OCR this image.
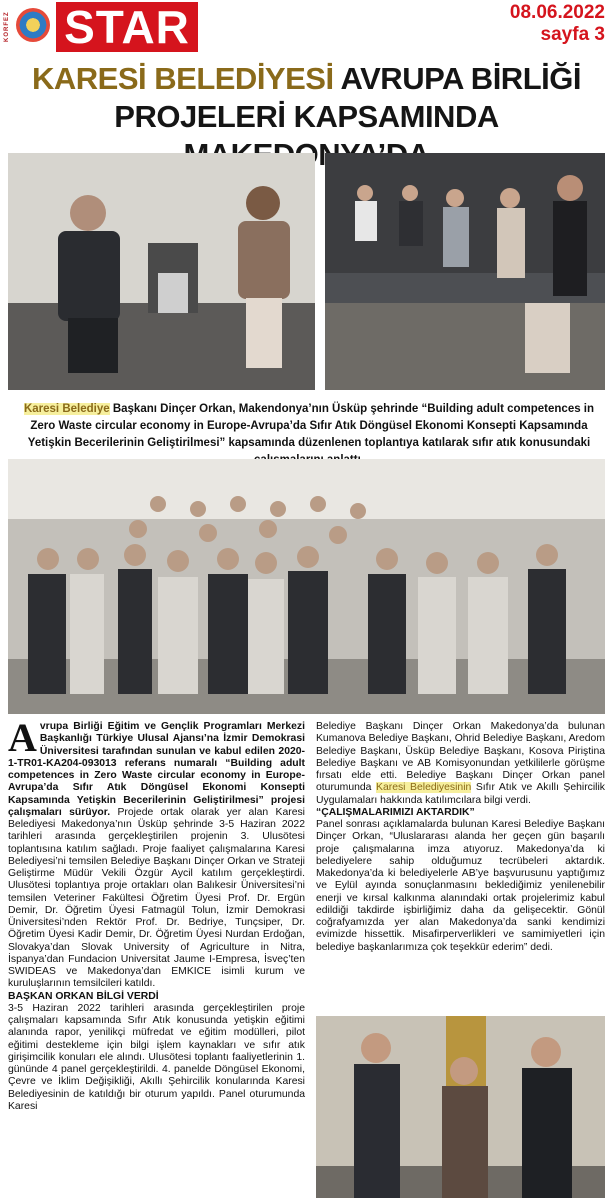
KÖRFEZ STAR	08.06.2022
sayfa 3
KARESİ BELEDİYESİ AVRUPA BİRLİĞİ
PROJELERİ KAPSAMINDA
Karesi Belediye Başkanı Dinçer Orkan, Makendonya’nın Üsküp şehrinde “Building adult competences in Zero Waste circular economy in Europe-Avrupa’da Sıfır Atık Döngüsel Ekonomi Konsepti Kapsamında Yetişkin Becerilerinin Geliştirilmesi” kapsamında düzenlenen toplantıya katılarak sıfır atık konusundaki

Avrupa Birliği Eğitim ve Gençlik Programları Merkezi Başkanlığı Türkiye Ulusal Ajansı’na İzmir Demokrasi Üniversitesi tarafından sunulan ve kabul edilen 2020-1-TR01-KA204-093013 referans numaralı “Building adult competences in Zero Waste circular economy in Europe-Avrupa’da Sıfır Atık Döngüsel Ekonomi Konsepti Kapsamında Yetişkin Becerilerinin Geliştirilmesi” projesi çalışmaları sürüyor. Projede ortak olarak yer alan Karesi Belediyesi Makedonya’nın Üsküp şehrinde 3-5 Haziran 2022 tarihleri arasında gerçekleştirilen projenin 3. Ulusötesi toplantısına katılım sağladı. Proje faaliyet çalışmalarına Karesi Belediyesi’ni temsilen Belediye Başkanı Dinçer Orkan ve Strateji Geliştirme Müdür Vekili Özgür Aycil katılım gerçekleştirdi. Ulusötesi toplantıya proje ortakları olan Balıkesir Üniversitesi’ni temsilen Veteriner Fakültesi Öğretim Üyesi Prof. Dr. Ergün Demir, Dr. Öğretim Üyesi Fatmagül Tolun, İzmir Demokrasi Üniversitesi’nden Rektör Prof. Dr. Bedriye, Tunçsiper, Dr. Öğretim Üyesi Kadir Demir, Dr. Öğretim Üyesi Nurdan Erdoğan, Slovakya’dan Slovak University of Agriculture in Nitra, İspanya’dan Fundacion Universitat Jaume I-Empresa, İsveç’ten SWIDEAS ve Makedonya’dan EMKICE isimli kurum ve kuruluşlarının temsilcileri katıldı.

BAŞKAN ORKAN BİLGİ VERDİ

3-5 Haziran 2022 tarihleri arasında gerçekleştirilen proje çalışmaları kapsamında Sıfır Atık konusunda yetişkin eğitimi alanında rapor, yenilikçi müfredat ve eğitim modülleri, pilot eğitimi destekleme için bilgi işlem kaynakları ve sıfır atık girişimcilik konuları ele alındı. Ulusötesi toplantı faaliyetlerinin 1. gününde 4 panel gerçekleştirildi. 4. panelde Döngüsel Ekonomi, Çevre ve İklim Değişikliği, Akıllı Şehircilik konularında Karesi Belediyesinin de katıldığı bir oturum yapıldı. Panel oturumunda Karesi

Belediye Başkanı Dinçer Orkan Makedonya’da bulunan Kumanova Belediye Başkanı, Ohrid Belediye Başkanı, Aredom Belediye Başkanı, Üsküp Belediye Başkanı, Kosova Piriştina Belediye Başkanı ve AB Komisyonundan yetkililerle görüşme fırsatı elde etti. Belediye Başkanı Dinçer Orkan panel oturumunda Karesi Belediyesinin Sıfır Atık ve Akıllı Şehircilik Uygulamaları hakkında katılımcılara bilgi verdi.

“ÇALIŞMALARIMIZI AKTARDIK”

Panel sonrası açıklamalarda bulunan Karesi Belediye Başkanı Dinçer Orkan, “Uluslararası alanda her geçen gün başarılı proje çalışmalarına imza atıyoruz. Makedonya’da ki belediyelere sahip olduğumuz tecrübeleri aktardık. Makedonya’da ki belediyelerle AB’ye başvurusunu yaptığımız ve Eylül ayında sonuçlanmasını beklediğimiz yenilenebilir enerji ve kırsal kalkınma alanındaki ortak projelerimiz kabul edildiği takdirde işbirliğimiz daha da gelişecektir. Gönül coğrafyamızda yer alan Makedonya’da sanki kendimizi evimizde hissettik. Misafirperverlikleri ve samimiyetleri için belediye başkanlarımıza çok teşekkür ederim” dedi.
